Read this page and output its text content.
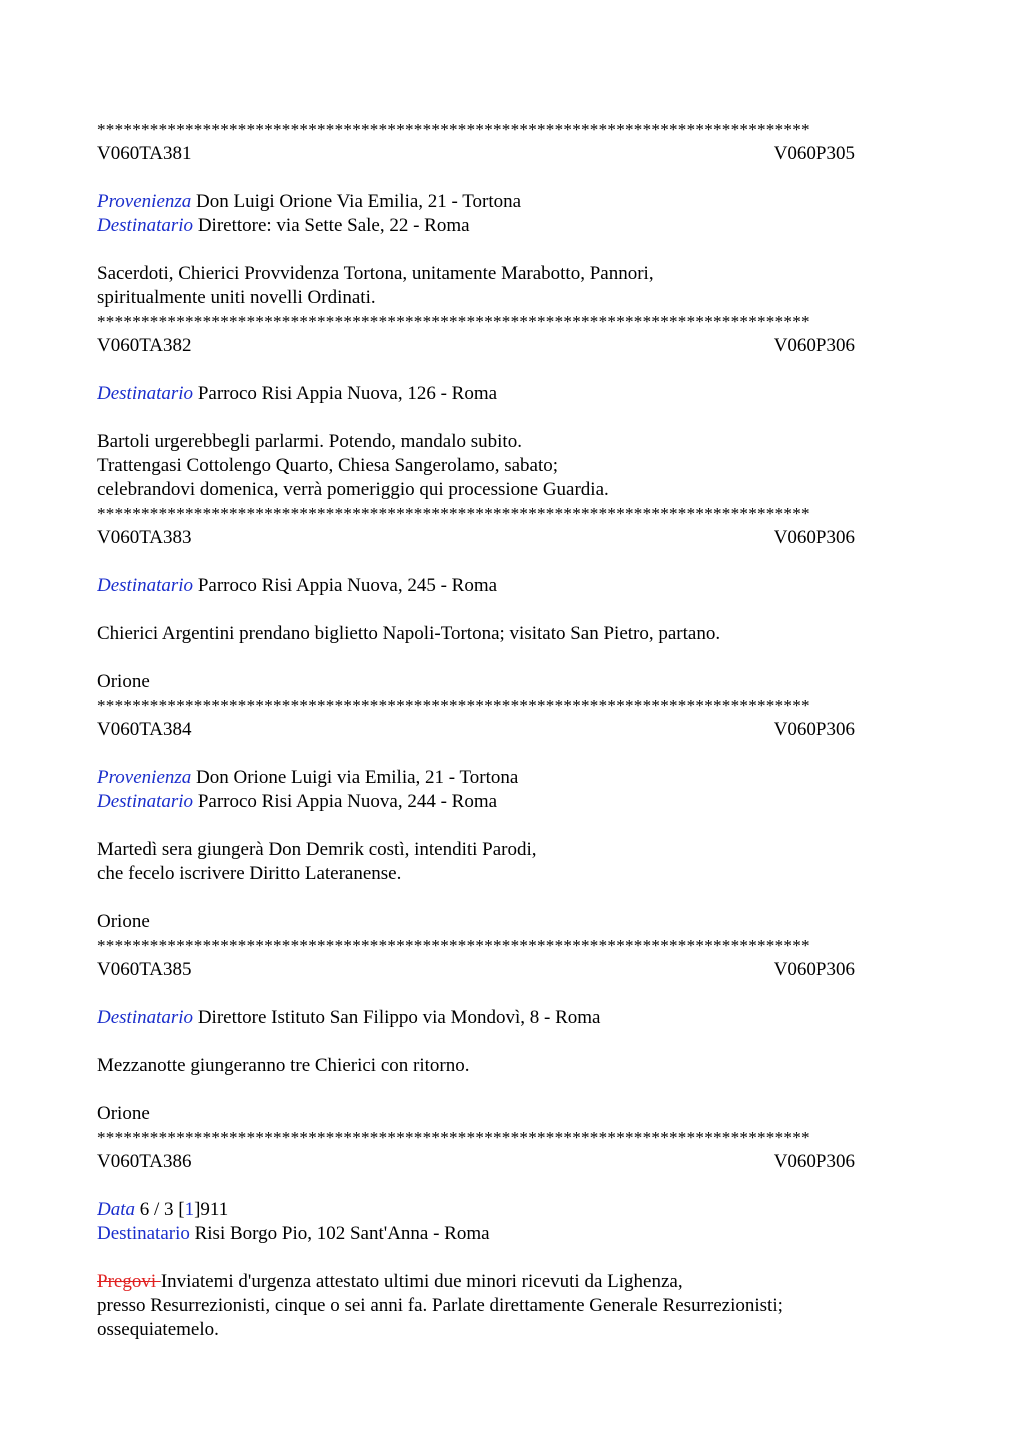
*********************************************************************************
V060TA381	V060P305
Provenienza Don Luigi Orione Via Emilia, 21 - Tortona
Destinatario Direttore: via Sette Sale, 22 - Roma
Sacerdoti, Chierici Provvidenza Tortona, unitamente Marabotto, Pannori,
spiritualmente uniti novelli Ordinati.
*********************************************************************************
V060TA382	V060P306
Destinatario Parroco Risi Appia Nuova, 126 - Roma
Bartoli urgerebbegli parlarmi. Potendo, mandalo subito.
Trattengasi Cottolengo Quarto, Chiesa Sangerolamo, sabato;
celebrandovi domenica, verrà pomeriggio qui processione Guardia.
*********************************************************************************
V060TA383	V060P306
Destinatario Parroco Risi Appia Nuova, 245 - Roma
Chierici Argentini prendano biglietto Napoli-Tortona; visitato San Pietro, partano.
Orione
*********************************************************************************
V060TA384	V060P306
Provenienza Don Orione Luigi via Emilia, 21 - Tortona
Destinatario Parroco Risi Appia Nuova, 244 - Roma
Martedì sera giungerà Don Demrik costì, intenditi Parodi,
che fecelo iscrivere Diritto Lateranense.
Orione
*********************************************************************************
V060TA385	V060P306
Destinatario Direttore Istituto San Filippo via Mondovì, 8 - Roma
Mezzanotte giungeranno tre Chierici con ritorno.
Orione
*********************************************************************************
V060TA386	V060P306
Data 6 / 3 [1]911
Destinatario Risi Borgo Pio, 102 Sant'Anna - Roma
Pregovi Inviatemi d'urgenza attestato ultimi due minori ricevuti da Lighenza,
presso Resurrezionisti, cinque o sei anni fa. Parlate direttamente Generale Resurrezionisti;
ossequiatemelo.
